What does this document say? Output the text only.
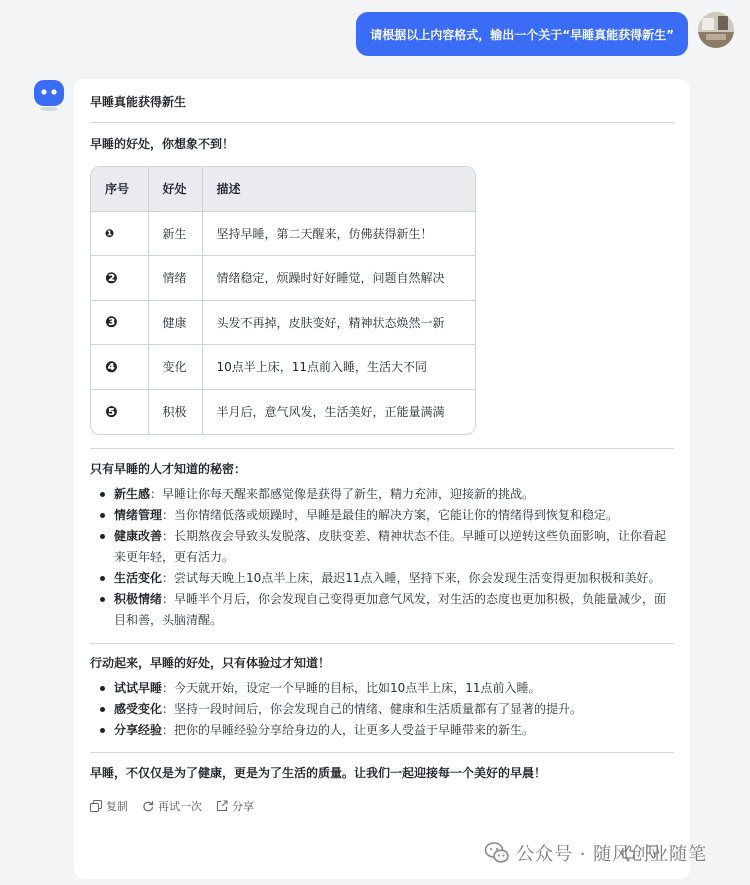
请根据以上内容格式，输出一个关于“早睡真能获得新生”
早睡真能获得新生
早睡的好处，你想象不到！
序号	好处	描述
❶	新生	坚持早睡，第二天醒来，仿佛获得新生！
❷	情绪	情绪稳定，烦躁时好好睡觉，问题自然解决
❸	健康	头发不再掉，皮肤变好，精神状态焕然一新
❹	变化	10点半上床，11点前入睡，生活大不同
❺	积极	半月后，意气风发，生活美好，正能量满满
只有早睡的人才知道的秘密：
新生感：早睡让你每天醒来都感觉像是获得了新生，精力充沛，迎接新的挑战。
情绪管理：当你情绪低落或烦躁时，早睡是最佳的解决方案，它能让你的情绪得到恢复和稳定。
健康改善：长期熬夜会导致头发脱落、皮肤变差、精神状态不佳。早睡可以逆转这些负面影响，让你看起来更年轻，更有活力。
生活变化：尝试每天晚上10点半上床，最迟11点入睡，坚持下来，你会发现生活变得更加积极和美好。
积极情绪：早睡半个月后，你会发现自己变得更加意气风发，对生活的态度也更加积极，负能量减少，面目和善，头脑清醒。
行动起来，早睡的好处，只有体验过才知道！
试试早睡：今天就开始，设定一个早睡的目标，比如10点半上床，11点前入睡。
感受变化：坚持一段时间后，你会发现自己的情绪、健康和生活质量都有了显著的提升。
分享经验：把你的早睡经验分享给身边的人，让更多人受益于早睡带来的新生。
早睡，不仅仅是为了健康，更是为了生活的质量。让我们一起迎接每一个美好的早晨！
复制	再试一次	分享
公众号 · 随风创业随笔
